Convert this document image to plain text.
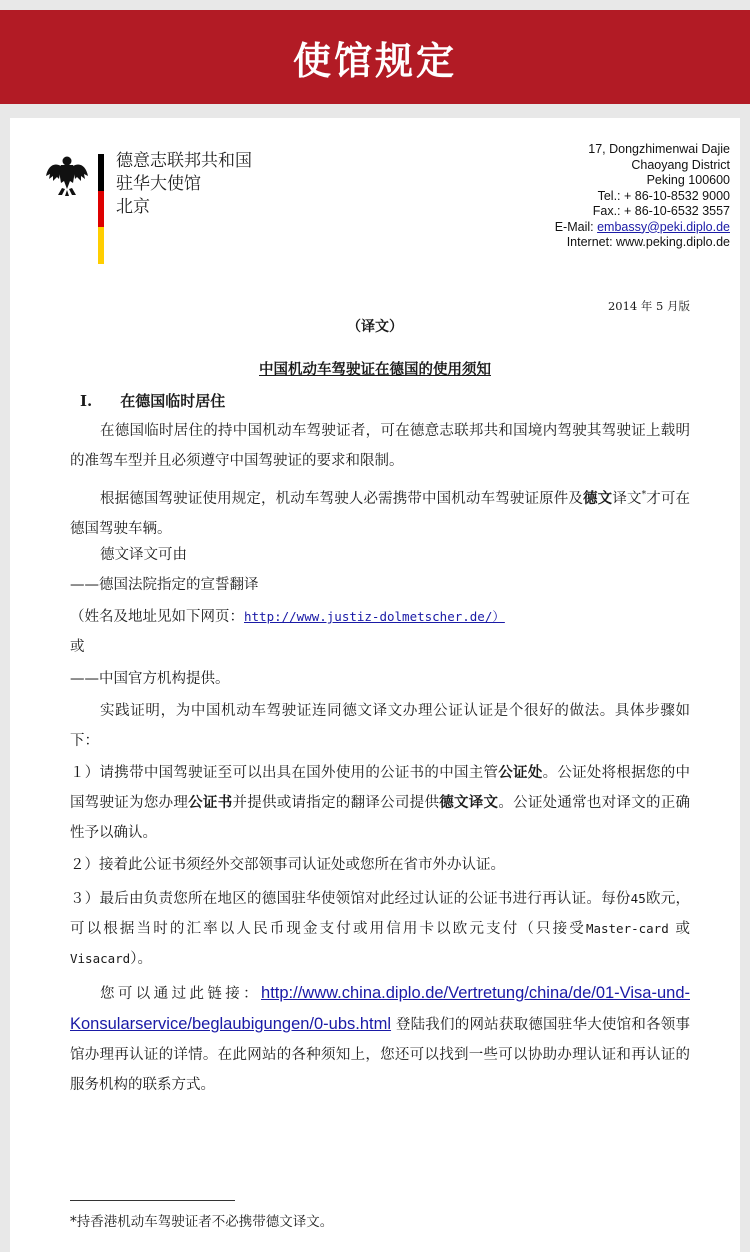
使馆规定
德意志联邦共和国
驻华大使馆
北京
17, Dongzhimenwai Dajie
Chaoyang District
Peking 100600
Tel.: + 86-10-8532 9000
Fax.: + 86-10-6532 3557
E-Mail: embassy@peki.diplo.de
Internet: www.peking.diplo.de
2014 年 5 月版
（译文）
中国机动车驾驶证在德国的使用须知
I. 在德国临时居住
在德国临时居住的持中国机动车驾驶证者，可在德意志联邦共和国境内驾驶其驾驶证上载明的准驾车型并且必须遵守中国驾驶证的要求和限制。
根据德国驾驶证使用规定，机动车驾驶人必需携带中国机动车驾驶证原件及德文译文*才可在德国驾驶车辆。
德文译文可由
——德国法院指定的宣誓翻译
（姓名及地址见如下网页：http://www.justiz-dolmetscher.de/）
或
——中国官方机构提供。
实践证明，为中国机动车驾驶证连同德文译文办理公证认证是个很好的做法。具体步骤如下：
１）请携带中国驾驶证至可以出具在国外使用的公证书的中国主管公证处。公证处将根据您的中国驾驶证为您办理公证书并提供或请指定的翻译公司提供德文译文。公证处通常也对译文的正确性予以确认。
２）接着此公证书须经外交部领事司认证处或您所在省市外办认证。
３）最后由负责您所在地区的德国驻华使领馆对此经过认证的公证书进行再认证。每份45欧元，可以根据当时的汇率以人民币现金支付或用信用卡以欧元支付（只接受Master-card 或 Visacard）。
您可以通过此链接：http://www.china.diplo.de/Vertretung/china/de/01-Visa-und-Konsularservice/beglaubigungen/0-ubs.html 登陆我们的网站获取德国驻华大使馆和各领事馆办理再认证的详情。在此网站的各种须知上，您还可以找到一些可以协助办理认证和再认证的服务机构的联系方式。
*持香港机动车驾驶证者不必携带德文译文。
